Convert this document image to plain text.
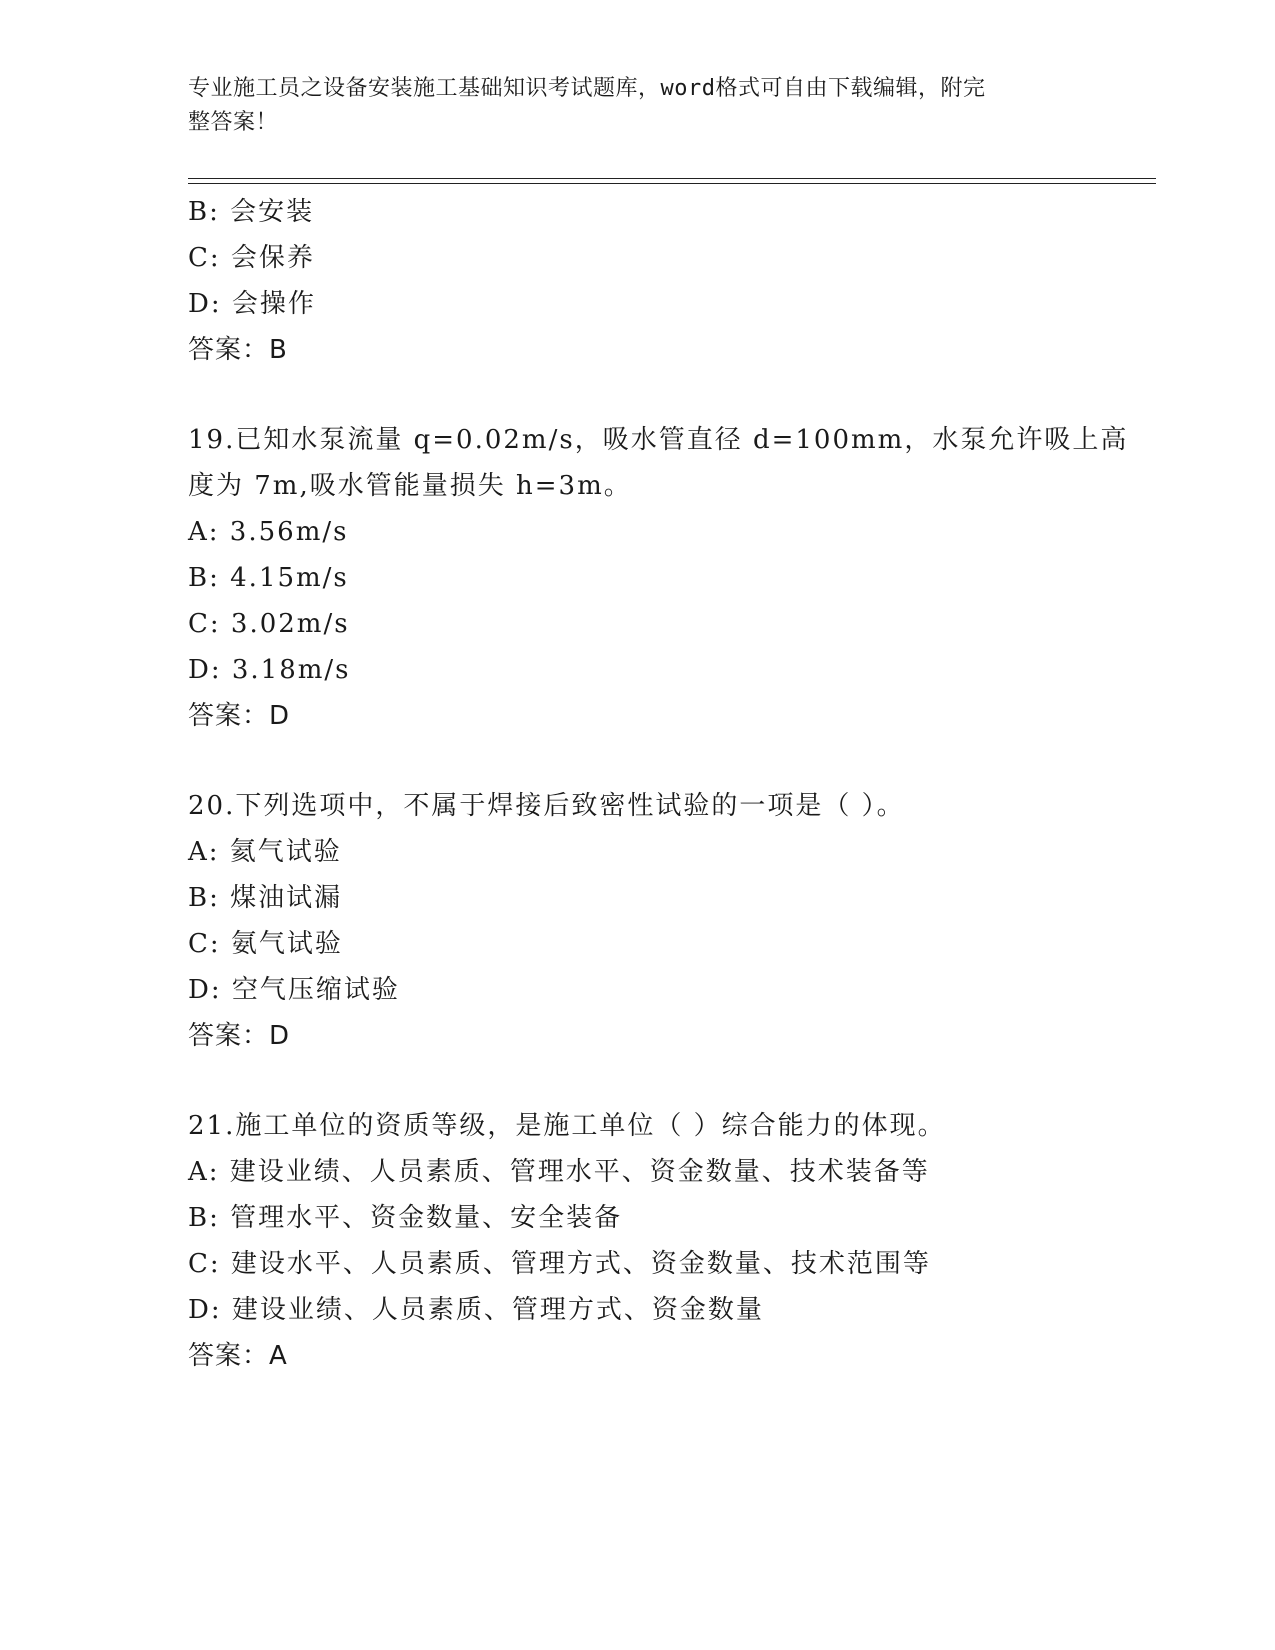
专业施工员之设备安装施工基础知识考试题库，word格式可自由下载编辑，附完
整答案！
B: 会安装
C: 会保养
D: 会操作
答案：B
19.已知水泵流量 q=0.02m/s，吸水管直径 d=100mm，水泵允许吸上高
度为 7m,吸水管能量损失 h=3m。
A: 3.56m/s
B: 4.15m/s
C: 3.02m/s
D: 3.18m/s
答案：D
20.下列选项中，不属于焊接后致密性试验的一项是（ ）。
A: 氦气试验
B: 煤油试漏
C: 氨气试验
D: 空气压缩试验
答案：D
21.施工单位的资质等级，是施工单位（ ）综合能力的体现。
A: 建设业绩、人员素质、管理水平、资金数量、技术装备等
B: 管理水平、资金数量、安全装备
C: 建设水平、人员素质、管理方式、资金数量、技术范围等
D: 建设业绩、人员素质、管理方式、资金数量
答案：A
